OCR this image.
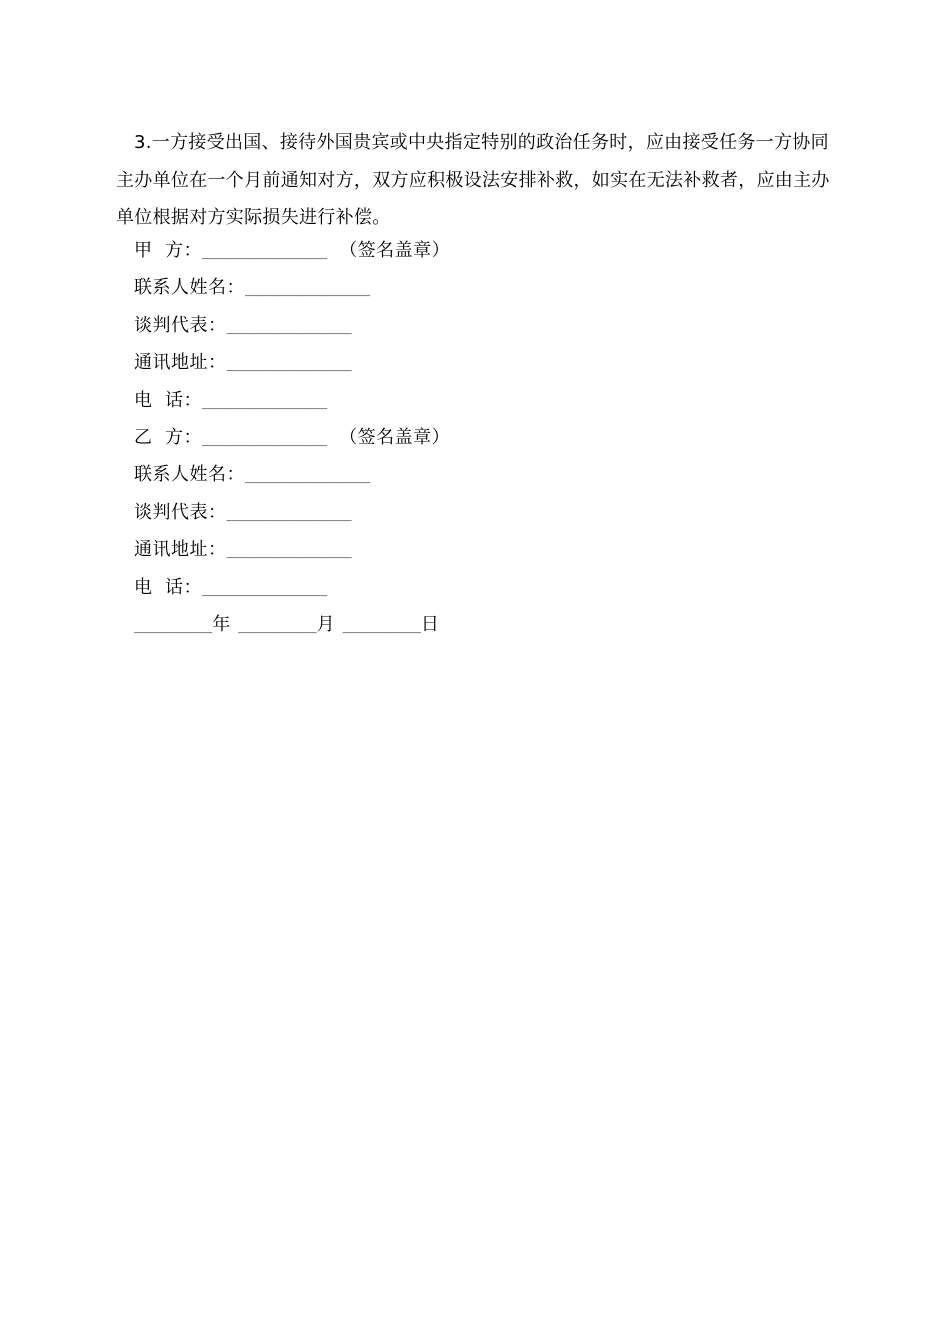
3.一方接受出国、接待外国贵宾或中央指定特别的政治任务时，应由接受任务一方协同主办单位在一个月前通知对方，双方应积极设法安排补救，如实在无法补救者，应由主办单位根据对方实际损失进行补偿。

甲  方：________________ （签名盖章）
联系人姓名：________________
谈判代表：________________
通讯地址：________________
电  话：________________
乙  方：________________ （签名盖章）
联系人姓名：________________
谈判代表：________________
通讯地址：________________
电  话：________________
__________年 __________月 __________日
